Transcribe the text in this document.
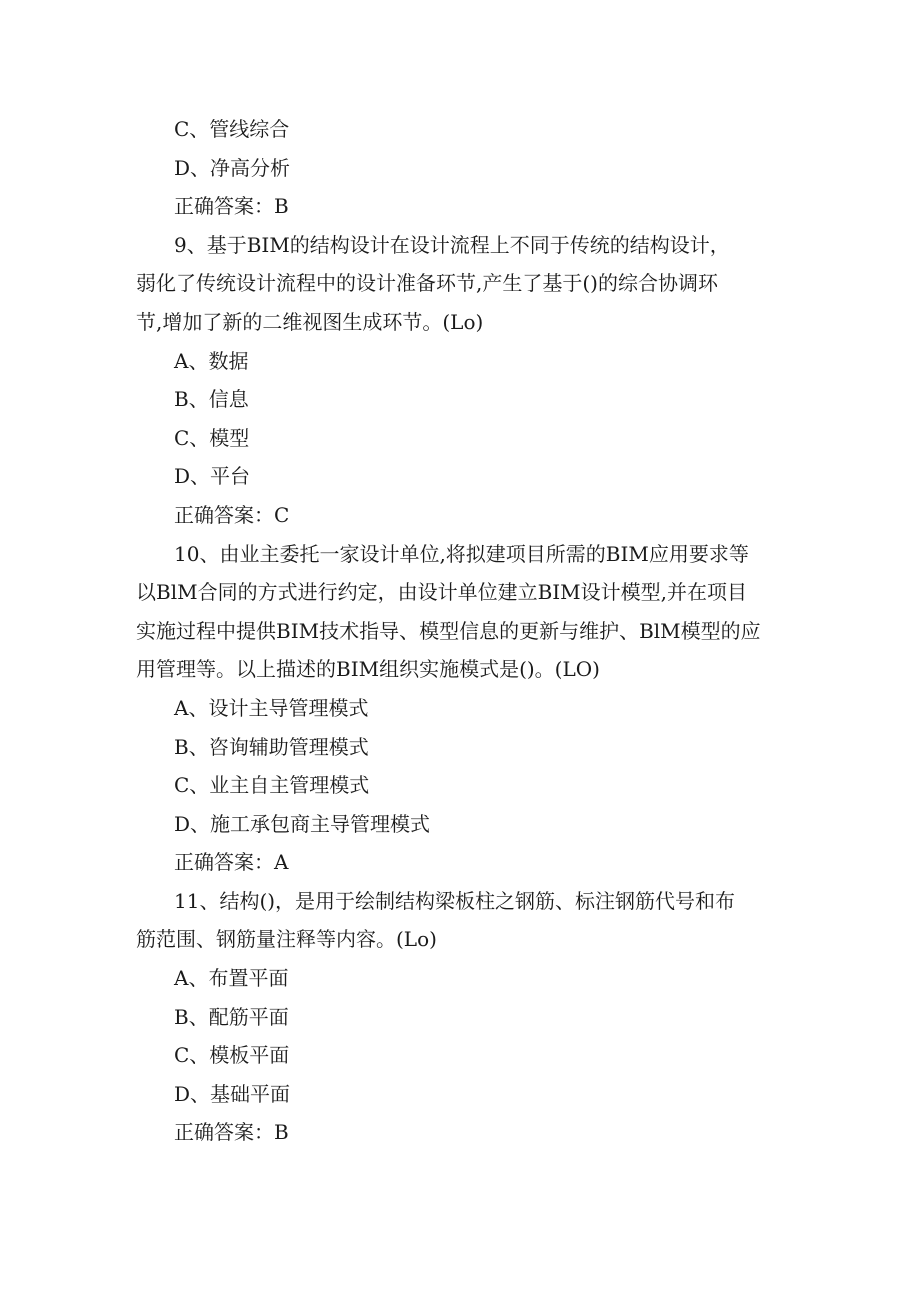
C、管线综合
D、净高分析
正确答案：B
9、基于BIM的结构设计在设计流程上不同于传统的结构设计，
弱化了传统设计流程中的设计准备环节,产生了基于()的综合协调环
节,增加了新的二维视图生成环节。(Lo)
A、数据
B、信息
C、模型
D、平台
正确答案：C
10、由业主委托一家设计单位,将拟建项目所需的BIM应用要求等
以BlM合同的方式进行约定，由设计单位建立BIM设计模型,并在项目
实施过程中提供BIM技术指导、模型信息的更新与维护、BlM模型的应
用管理等。以上描述的BIM组织实施模式是()。(LO)
A、设计主导管理模式
B、咨询辅助管理模式
C、业主自主管理模式
D、施工承包商主导管理模式
正确答案：A
11、结构()，是用于绘制结构梁板柱之钢筋、标注钢筋代号和布
筋范围、钢筋量注释等内容。(Lo)
A、布置平面
B、配筋平面
C、模板平面
D、基础平面
正确答案：B
